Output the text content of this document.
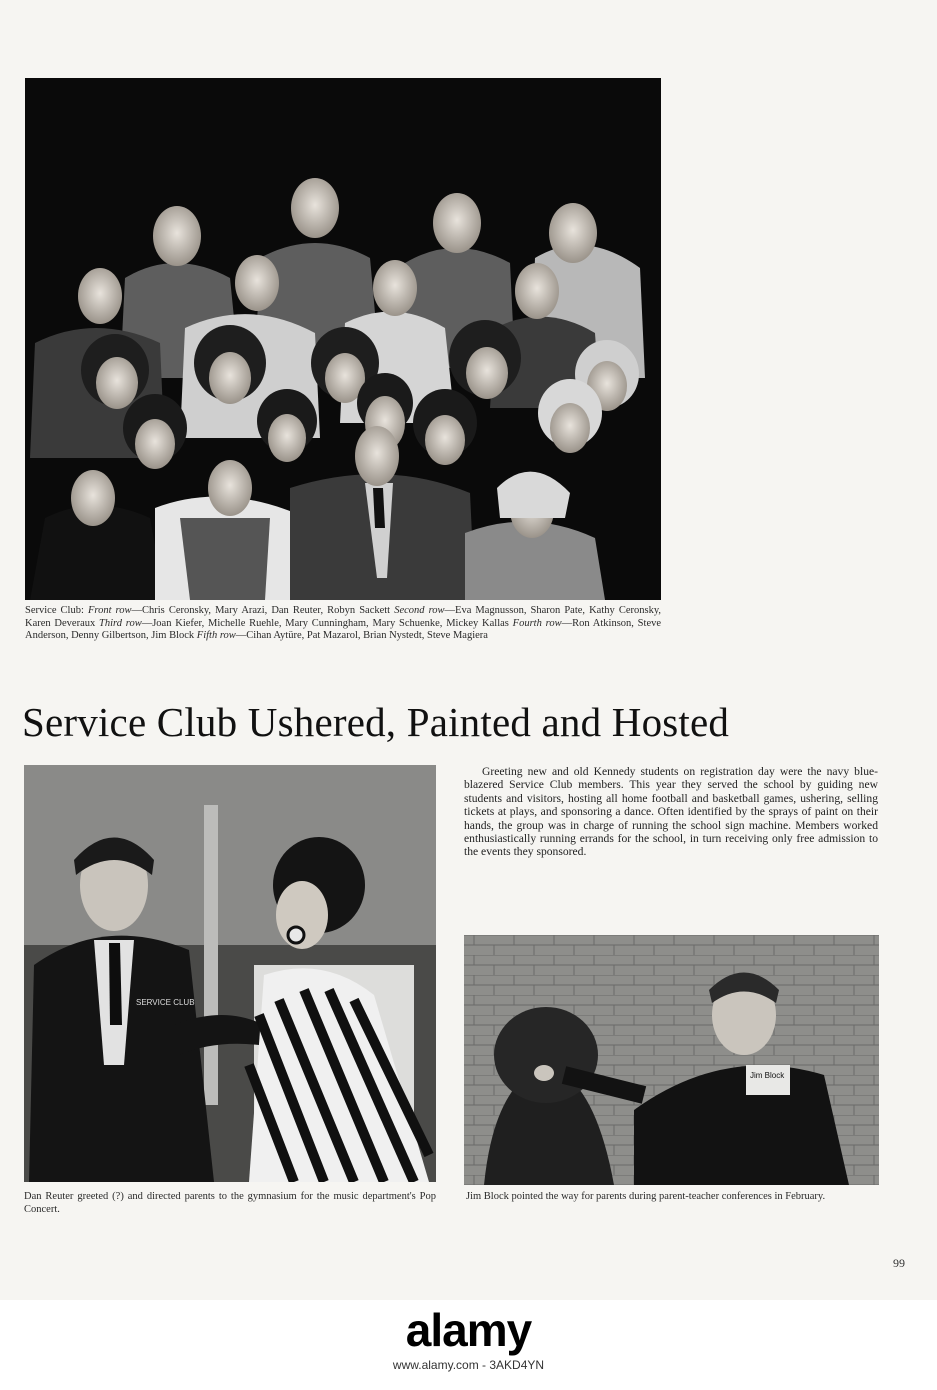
Service Club: Front row—Chris Ceronsky, Mary Arazi, Dan Reuter, Robyn Sackett Second row—Eva Magnusson, Sharon Pate, Kathy Ceronsky, Karen Deveraux Third row—Joan Kiefer, Michelle Ruehle, Mary Cunningham, Mary Schuenke, Mickey Kallas Fourth row—Ron Atkinson, Steve Anderson, Denny Gilbertson, Jim Block Fifth row—Cihan Aytüre, Pat Mazarol, Brian Nystedt, Steve Magiera

Service Club Ushered, Painted and Hosted
SERVICE CLUB

Greeting new and old Kennedy students on registration day were the navy blue-blazered Service Club members. This year they served the school by guiding new students and visitors, hosting all home football and basketball games, ushering, selling tickets at plays, and sponsoring a dance. Often identified by the sprays of paint on their hands, the group was in charge of running the school sign machine. Members worked enthusiastically running errands for the school, in turn receiving only free admission to the events they sponsored.

Jim Block

Dan Reuter greeted (?) and directed parents to the gymnasium for the music department's Pop Concert.

Jim Block pointed the way for parents during parent-teacher conferences in February.

99
alamy
www.alamy.com - 3AKD4YN
